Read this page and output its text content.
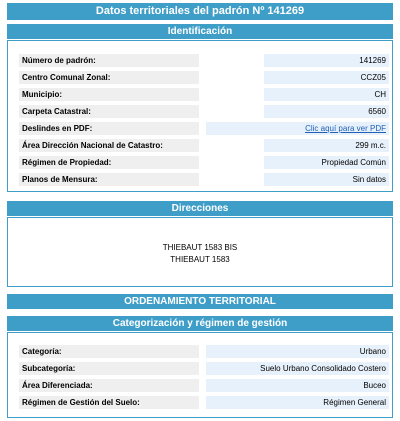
Datos territoriales del padrón Nº 141269
Identificación
Número de padrón:	141269
Centro Comunal Zonal:	CCZ05
Municipio:	CH
Carpeta Catastral:	6560
Deslindes en PDF:	Clic aquí para ver PDF
Área Dirección Nacional de Catastro:	299 m.c.
Régimen de Propiedad:	Propiedad Común
Planos de Mensura:	Sin datos
Direcciones
THIEBAUT 1583 BIS
THIEBAUT 1583
ORDENAMIENTO TERRITORIAL
Categorización y régimen de gestión
Categoría:	Urbano
Subcategoría:	Suelo Urbano Consolidado Costero
Área Diferenciada:	Buceo
Régimen de Gestión del Suelo:	Régimen General
